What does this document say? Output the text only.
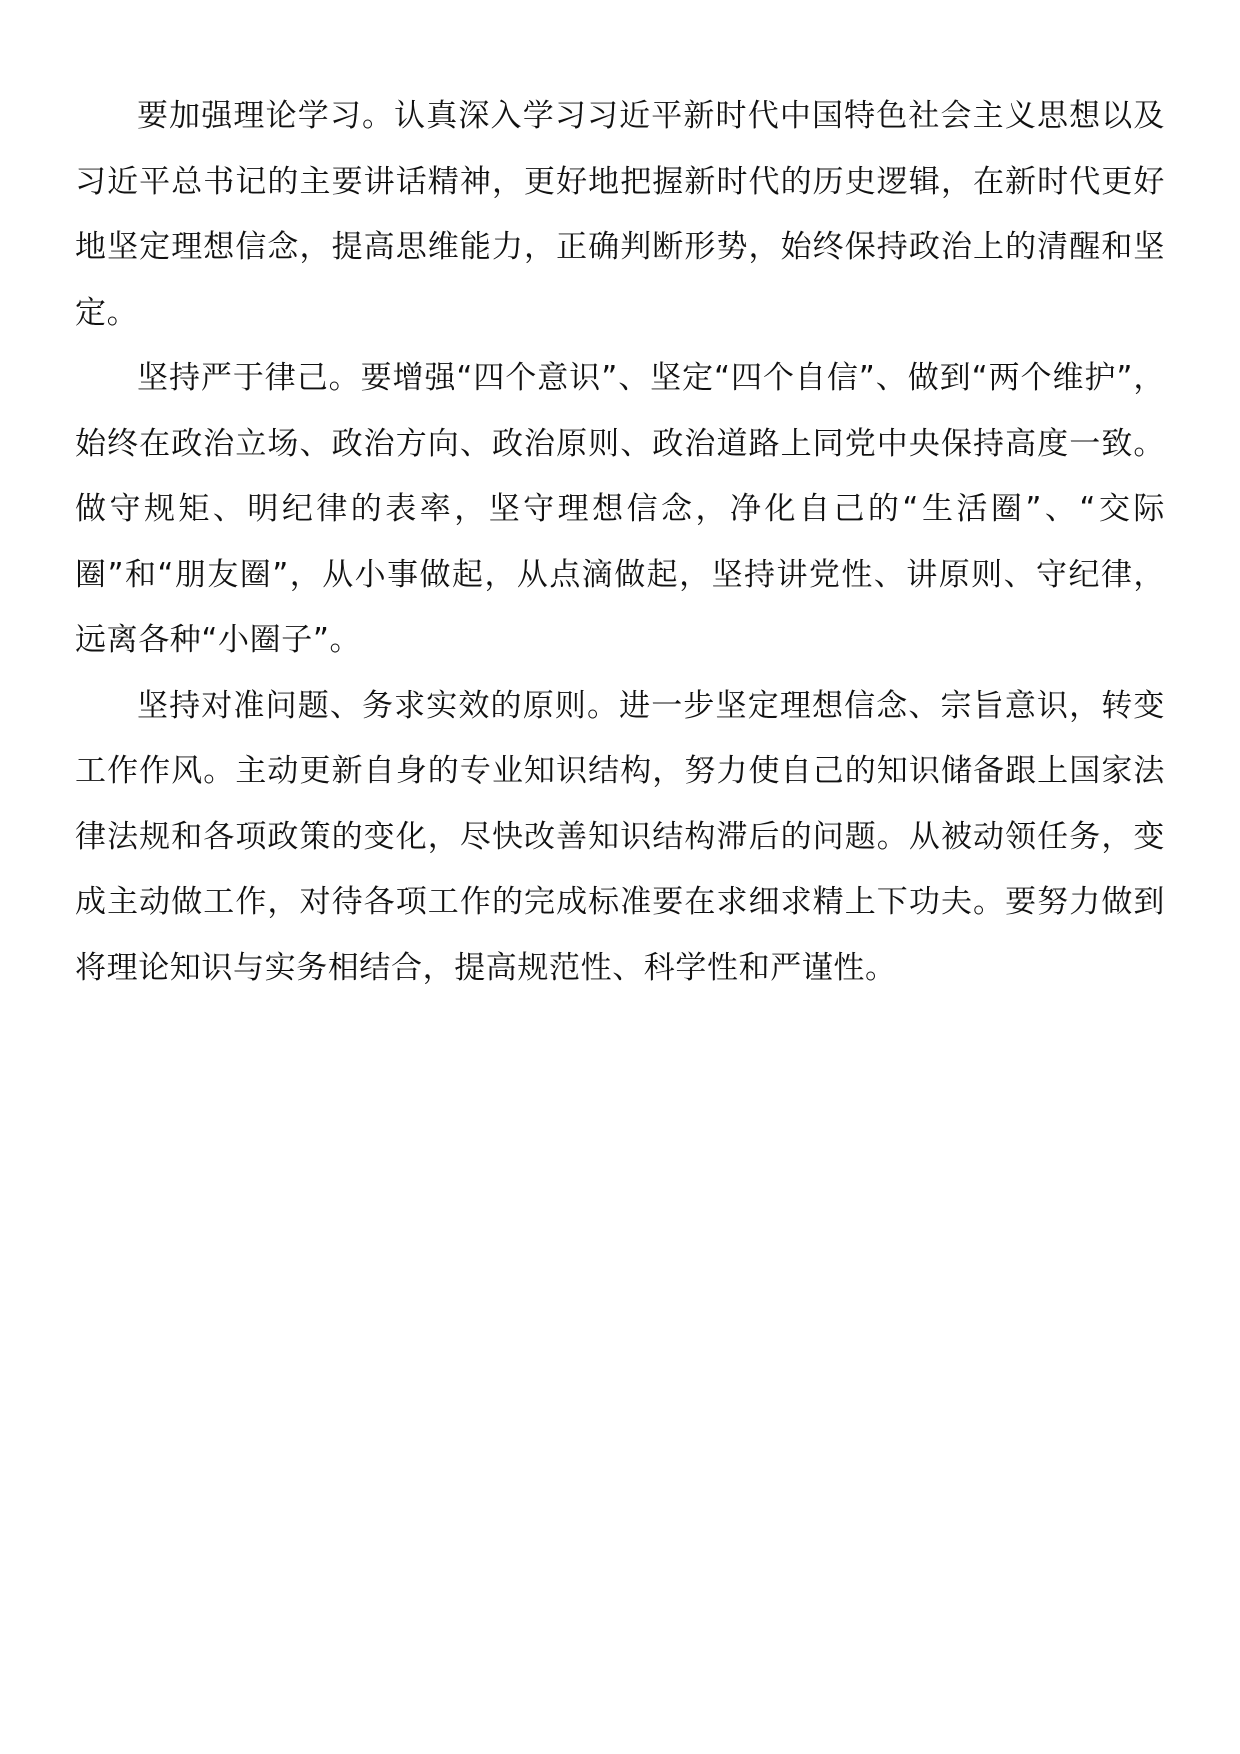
要加强理论学习。认真深入学习习近平新时代中国特色社会主义思想以及习近平总书记的主要讲话精神，更好地把握新时代的历史逻辑，在新时代更好地坚定理想信念，提高思维能力，正确判断形势，始终保持政治上的清醒和坚定。

坚持严于律己。要增强“四个意识”、坚定“四个自信”、做到“两个维护”，始终在政治立场、政治方向、政治原则、政治道路上同党中央保持高度一致。做守规矩、明纪律的表率，坚守理想信念，净化自己的“生活圈”、“交际圈”和“朋友圈”，从小事做起，从点滴做起，坚持讲党性、讲原则、守纪律，远离各种“小圈子”。

坚持对准问题、务求实效的原则。进一步坚定理想信念、宗旨意识，转变工作作风。主动更新自身的专业知识结构，努力使自己的知识储备跟上国家法律法规和各项政策的变化，尽快改善知识结构滞后的问题。从被动领任务，变成主动做工作，对待各项工作的完成标准要在求细求精上下功夫。要努力做到将理论知识与实务相结合，提高规范性、科学性和严谨性。
